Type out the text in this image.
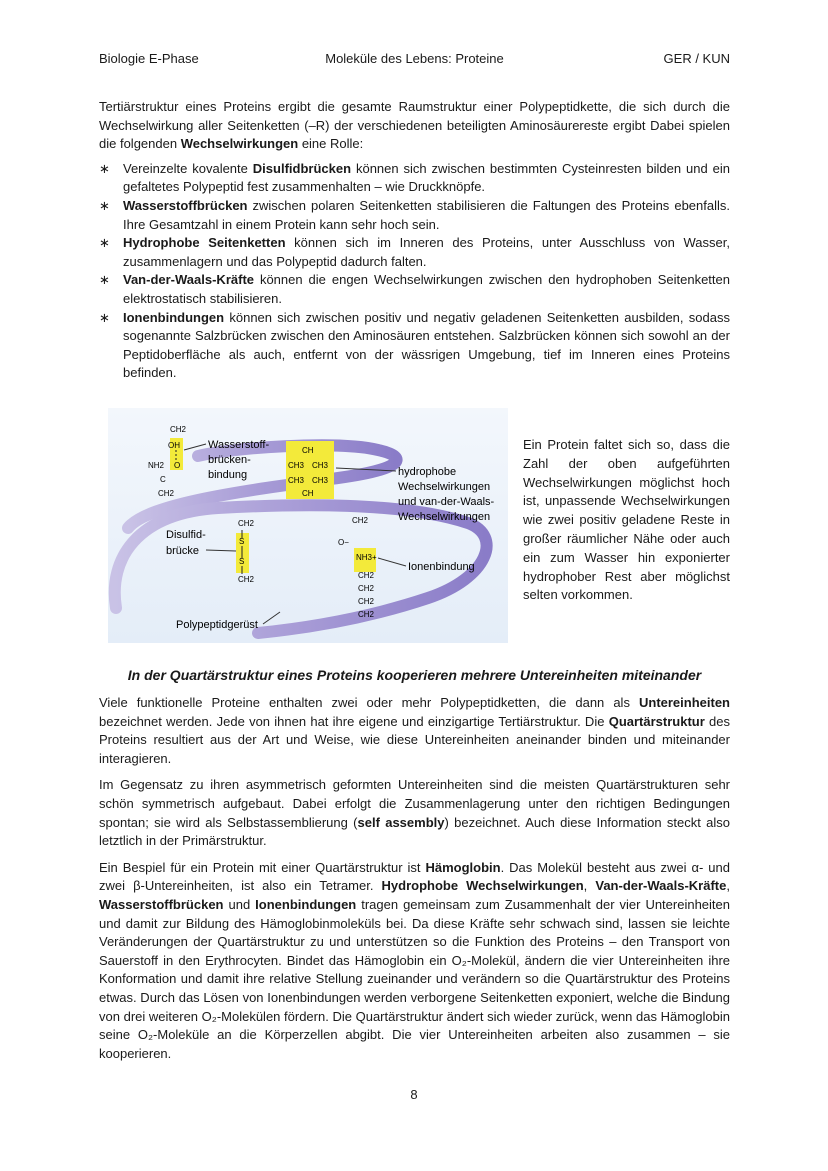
Biologie E-Phase	Moleküle des Lebens: Proteine	GER / KUN

Tertiärstruktur eines Proteins ergibt die gesamte Raumstruktur einer Polypeptidkette, die sich durch die Wechselwirkung aller Seitenketten (–R) der verschiedenen beteiligten Aminosäurereste ergibt Dabei spielen die folgenden Wechselwirkungen eine Rolle:

∗ Vereinzelte kovalente Disulfidbrücken können sich zwischen bestimmten Cysteinresten bilden und ein gefaltetes Polypeptid fest zusammenhalten – wie Druckknöpfe.
∗ Wasserstoffbrücken zwischen polaren Seitenketten stabilisieren die Faltungen des Proteins ebenfalls. Ihre Gesamtzahl in einem Protein kann sehr hoch sein.
∗ Hydrophobe Seitenketten können sich im Inneren des Proteins, unter Ausschluss von Wasser, zusammenlagern und das Polypeptid dadurch falten.
∗ Van-der-Waals-Kräfte können die engen Wechselwirkungen zwischen den hydrophoben Seitenketten elektrostatisch stabilisieren.
∗ Ionenbindungen können sich zwischen positiv und negativ geladenen Seitenketten ausbilden, sodass sogenannte Salzbrücken zwischen den Aminosäuren entstehen. Salzbrücken können sich sowohl an der Peptidoberfläche als auch, entfernt von der wässrigen Umgebung, tief im Inneren eines Proteins befinden.
CH2
OH
NH2 O
C
CH2
CH
CH3 CH3
CH3 CH3
CH
CH2
S
S
CH2
CH2
O−
NH3+
CH2
CH2
CH2
CH2
Wasserstoff-
brücken-
bindung	hydrophobe
Wechselwirkungen
und van-der-Waals-
Wechselwirkungen
Disulfid-
brücke
Ionenbindung
Polypeptidgerüst
Ein Protein faltet sich so, dass die Zahl der oben aufgeführten Wechselwirkungen möglichst hoch ist, unpassende Wechselwirkungen wie zwei positiv geladene Reste in großer räumlicher Nähe oder auch ein zum Wasser hin exponierter hydrophober Rest aber möglichst selten vorkommen.
In der Quartärstruktur eines Proteins kooperieren mehrere Untereinheiten miteinander

Viele funktionelle Proteine enthalten zwei oder mehr Polypeptidketten, die dann als Untereinheiten bezeichnet werden. Jede von ihnen hat ihre eigene und einzigartige Tertiärstruktur. Die Quartärstruktur des Proteins resultiert aus der Art und Weise, wie diese Untereinheiten aneinander binden und miteinander interagieren.

Im Gegensatz zu ihren asymmetrisch geformten Untereinheiten sind die meisten Quartärstrukturen sehr schön symmetrisch aufgebaut. Dabei erfolgt die Zusammenlagerung unter den richtigen Bedingungen spontan; sie wird als Selbstassemblierung (self assembly) bezeichnet. Auch diese Information steckt also letztlich in der Primärstruktur.

Ein Bespiel für ein Protein mit einer Quartärstruktur ist Hämoglobin. Das Molekül besteht aus zwei α- und zwei β-Untereinheiten, ist also ein Tetramer. Hydrophobe Wechselwirkungen, Van-der-Waals-Kräfte, Wasserstoffbrücken und Ionenbindungen tragen gemeinsam zum Zusammenhalt der vier Untereinheiten und damit zur Bildung des Hämoglobinmoleküls bei. Da diese Kräfte sehr schwach sind, lassen sie leichte Veränderungen der Quartärstruktur zu und unterstützen so die Funktion des Proteins – den Transport von Sauerstoff in den Erythrocyten. Bindet das Hämoglobin ein O₂-Molekül, ändern die vier Untereinheiten ihre Konformation und damit ihre relative Stellung zueinander und verändern so die Quartärstruktur des Proteins etwas. Durch das Lösen von Ionenbindungen werden verborgene Seitenketten exponiert, welche die Bindung von drei weiteren O₂-Molekülen fördern. Die Quartärstruktur ändert sich wieder zurück, wenn das Hämoglobin seine O₂-Moleküle an die Körperzellen abgibt. Die vier Untereinheiten arbeiten also zusammen – sie kooperieren.

8
